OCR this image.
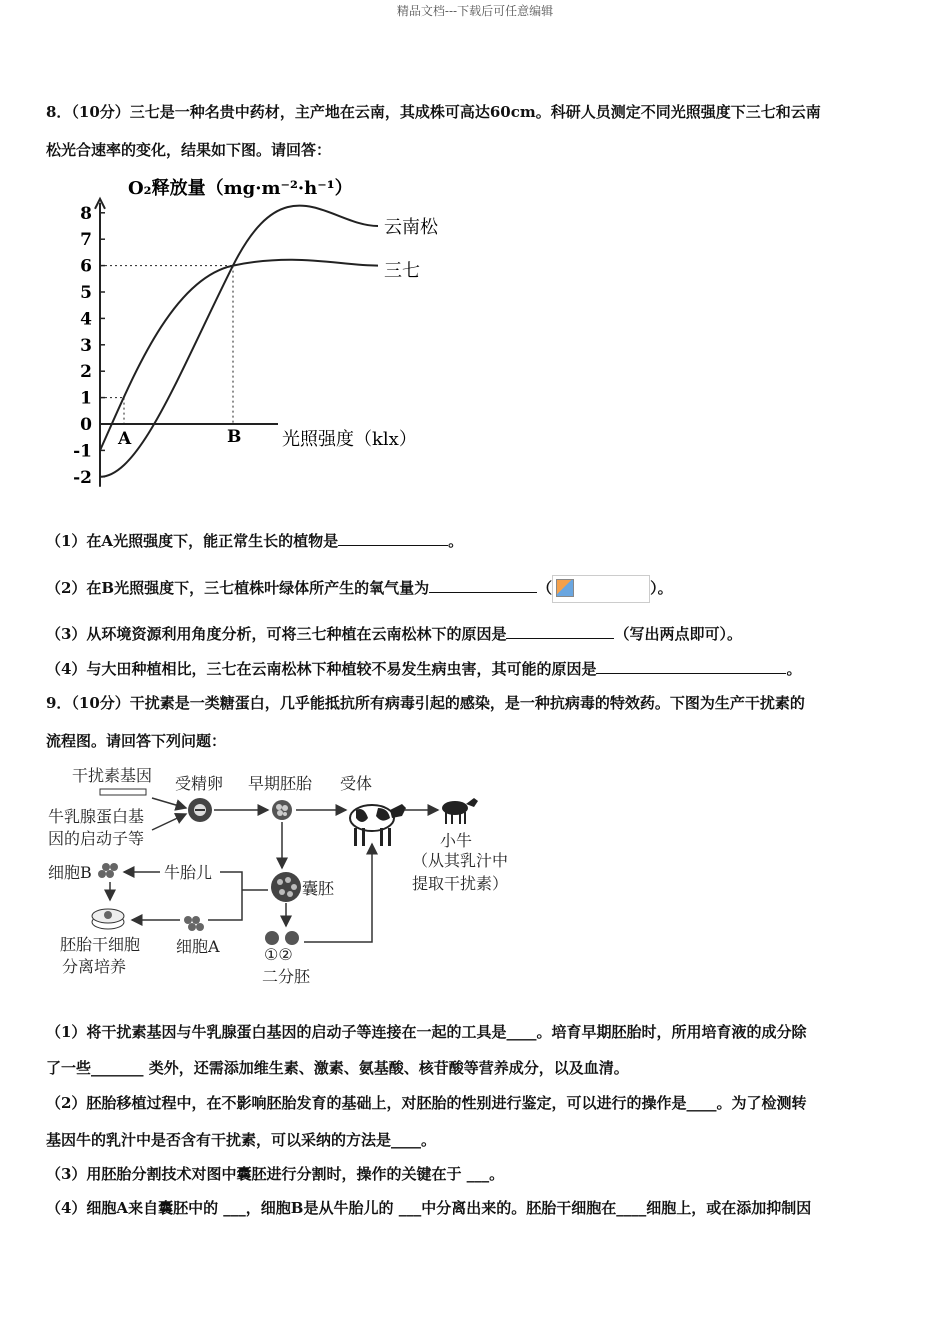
精品文档---下载后可任意编辑
8．（10分）三七是一种名贵中药材，主产地在云南，其成株可高达60cm。科研人员测定不同光照强度下三七和云南
松光合速率的变化，结果如下图。请回答：
O₂释放量（mg·m⁻²·h⁻¹）
光照强度（klx）
8
7
6
5
4
3
2
1
0
-1
-2
云南松
三七
A	B
（1）在A光照强度下，能正常生长的植物是	。
（2）在B光照强度下，三七植株叶绿体所产生的氧气量为	（	）。
（3）从环境资源利用角度分析，可将三七种植在云南松林下的原因是	（写出两点即可）。
（4）与大田种植相比，三七在云南松林下种植较不易发生病虫害，其可能的原因是	。
9．（10分）干扰素是一类糖蛋白，几乎能抵抗所有病毒引起的感染，是一种抗病毒的特效药。下图为生产干扰素的
流程图。请回答下列问题：
干扰素基因
牛乳腺蛋白基
因的启动子等
受精卵 早期胚胎 受体
小牛
（从其乳汁中
提取干扰素）
细胞B	牛胎儿
囊胚
细胞A
胚胎干细胞
分离培养
①②
二分胚
（1）将干扰素基因与牛乳腺蛋白基因的启动子等连接在一起的工具是____。培育早期胚胎时，所用培育液的成分除
了一些_______ 类外，还需添加维生素、激素、氨基酸、核苷酸等营养成分，以及血清。
（2）胚胎移植过程中，在不影响胚胎发育的基础上，对胚胎的性别进行鉴定，可以进行的操作是____。为了检测转
基因牛的乳汁中是否含有干扰素，可以采纳的方法是____。
（3）用胚胎分割技术对图中囊胚进行分割时，操作的关键在于 ___。
（4）细胞A来自囊胚中的 ___，细胞B是从牛胎儿的 ___中分离出来的。胚胎干细胞在____细胞上，或在添加抑制因
